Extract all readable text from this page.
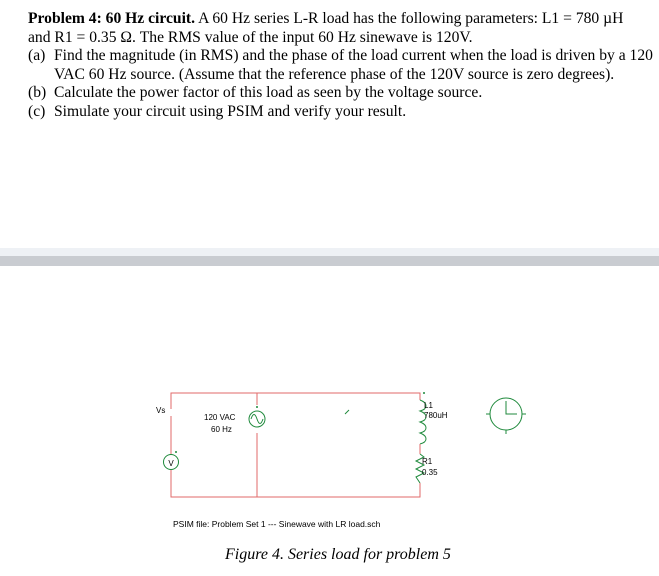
Problem 4: 60 Hz circuit. A 60 Hz series L-R load has the following parameters: L1 = 780 µH

and R1 = 0.35 Ω. The RMS value of the input 60 Hz sinewave is 120V.

(a) Find the magnitude (in RMS) and the phase of the load current when the load is driven by a 120 VAC 60 Hz source. (Assume that the reference phase of the 120V source is zero degrees).

(b) Calculate the power factor of this load as seen by the voltage source.

(c) Simulate your circuit using PSIM and verify your result.

V
Vs
120 VAC
60 Hz
L1
780uH
R1
0.35
PSIM file: Problem Set 1 --- Sinewave with LR load.sch
Figure 4. Series load for problem 5
